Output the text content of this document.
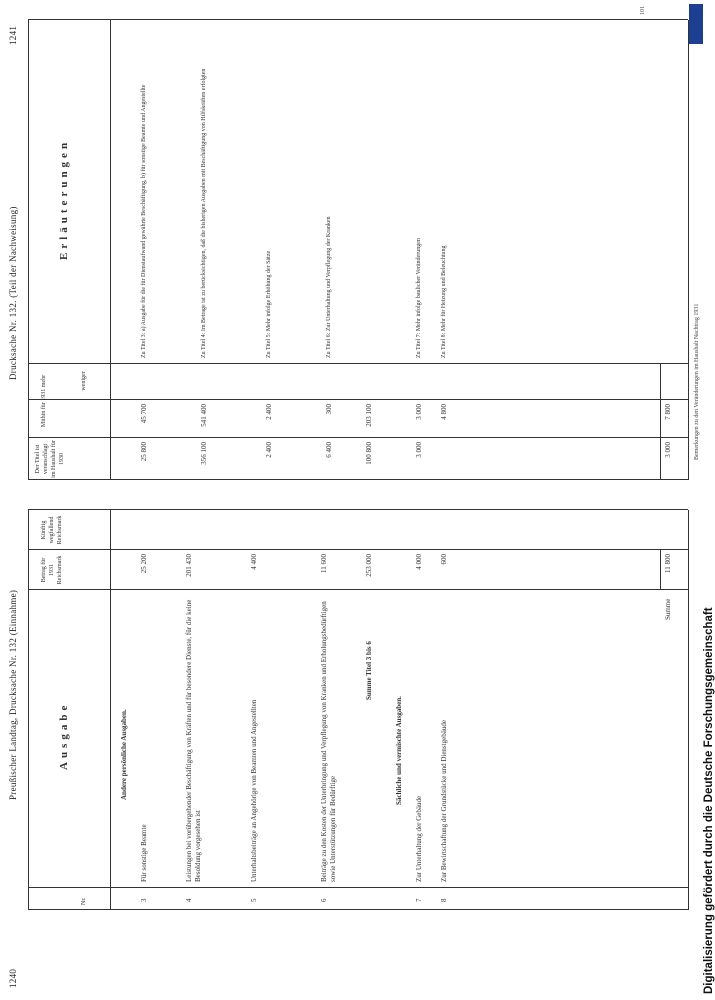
1240
Preußischer Landtag, Drucksache Nr. 132 (Einnahme)
Nr.
Ausgabe
Betrag für 1931 Reichsmark
Künftig wegfallend Reichsmark
Andere persönliche Ausgaben.
3
Für sonstige Beamte
25 200
4
Leistungen bei vorübergehender Beschäftigung von Kräften und für besondere Dienste, für die keine Besoldung vorgesehen ist
201 430
5
Unterhaltsbeiträge an Angehörige von Beamten und Angestellten
4 400
6
Beiträge zu den Kosten der Unterbringung und Verpflegung von Kranken und Erholungsbedürftigen sowie Unterstützungen für Bedürftige
11 600
Summe Titel 3 bis 6
253 000
Sächliche und vermischte Ausgaben.
7
Zur Unterhaltung der Gebäude
4 000
8
Zur Bewirtschaftung der Grundstücke und Dienstgebäude
600
Summe
11 800
Drucksache Nr. 132. (Teil der Nachweisung)
1241
Der Titel ist veranschlagt im Haushalt für 1930
Mithin für 1931 mehr	weniger
Erläuterungen
25 800
45 700
Zu Titel 3: a) Ausgabe für die für Dienstaufwand gewährte Beschäftigung, b) für sonstige Beamte und Angestellte
356 100
541 400
Zu Titel 4: Im Betrage ist zu berücksichtigen, daß die bisherigen Ausgaben mit Beschäftigung von Hilfskräften erfolgten
2 400
2 400
Zu Titel 5: Mehr infolge Erhöhung der Sätze
6 400
300
Zu Titel 6: Zur Unterhaltung und Verpflegung der Kranken
100 800
203 100
3 000
3 000
Zu Titel 7: Mehr infolge baulicher Veränderungen
4 800
Zu Titel 8: Mehr für Heizung und Beleuchtung
3 000
7 800	Bemerkungen zu den Veränderungen im Haushalt Nachtrag 1931
101
DFG
Digitalisierung gefördert durch die Deutsche Forschungsgemeinschaft
